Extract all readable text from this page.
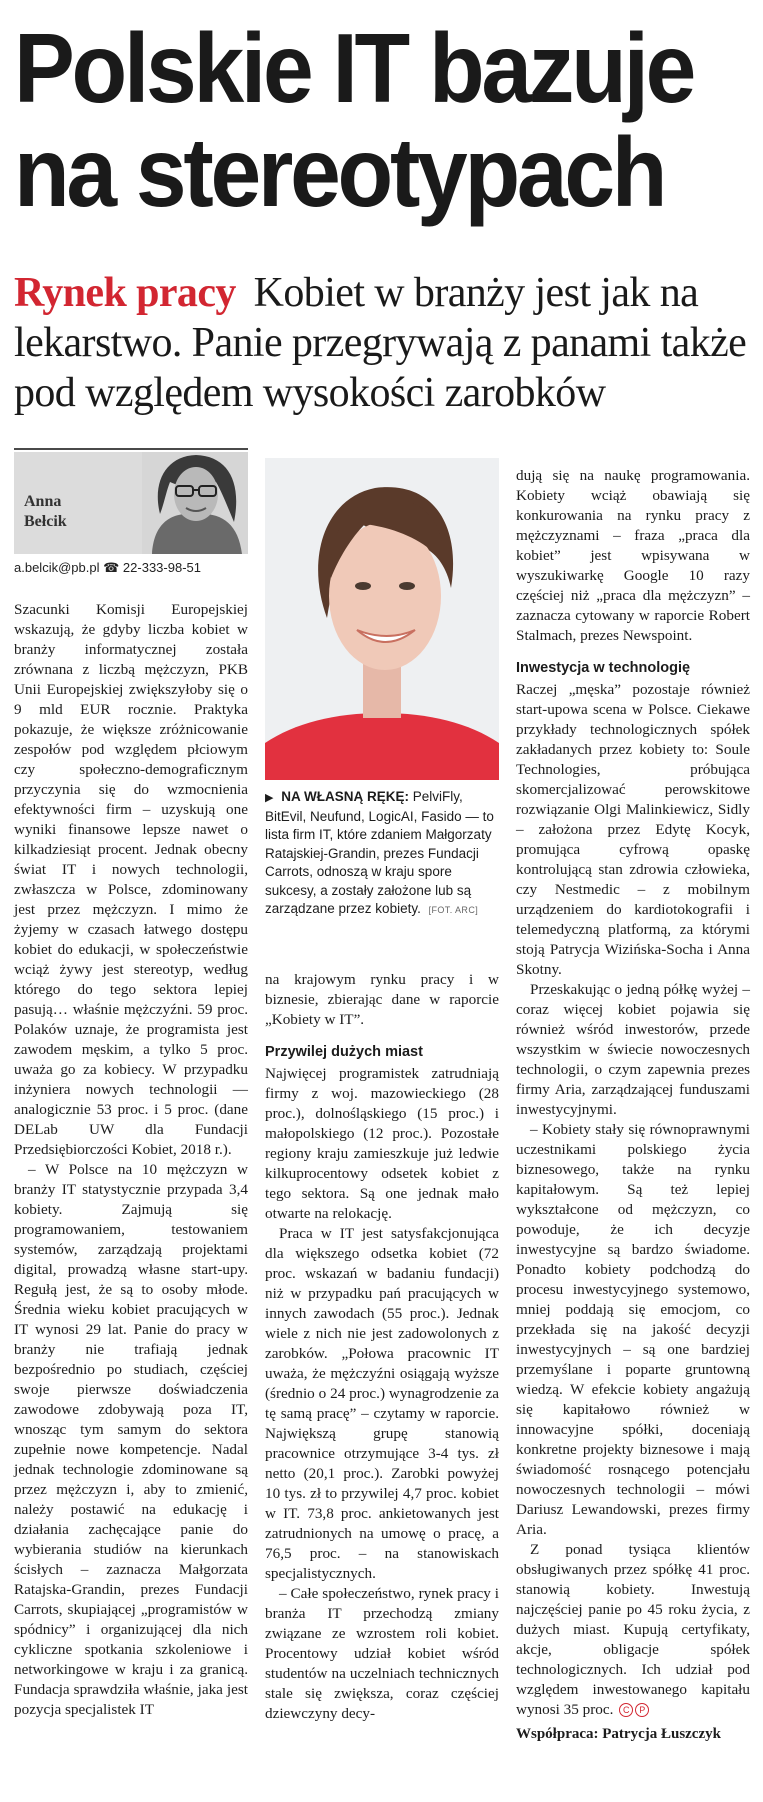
Polskie IT bazuje
na stereotypach

Rynek pracy Kobiet w branży jest jak na lekarstwo. Panie przegrywają z panami także pod względem wysokości zarobków

Anna
Bełcik
a.belcik@pb.pl ☎ 22-333-98-51

Szacunki Komisji Europejskiej wskazują, że gdyby liczba kobiet w branży informatycznej została zrównana z liczbą mężczyzn, PKB Unii Europejskiej zwiększyłoby się o 9 mld EUR rocznie. Praktyka pokazuje, że większe zróżnicowanie zespołów pod względem płciowym czy społeczno-demograficznym przyczynia się do wzmocnienia efektywności firm – uzyskują one wyniki finansowe lepsze nawet o kilkadziesiąt procent. Jednak obecny świat IT i nowych technologii, zwłaszcza w Polsce, zdominowany jest przez mężczyzn. I mimo że żyjemy w czasach łatwego dostępu kobiet do edukacji, w społeczeństwie wciąż żywy jest stereotyp, według którego do tego sektora lepiej pasują… właśnie mężczyźni. 59 proc. Polaków uznaje, że programista jest zawodem męskim, a tylko 5 proc. uważa go za kobiecy. W przypadku inżyniera nowych technologii — analogicznie 53 proc. i 5 proc. (dane DELab UW dla Fundacji Przedsiębiorczości Kobiet, 2018 r.).

– W Polsce na 10 mężczyzn w branży IT statystycznie przypada 3,4 kobiety. Zajmują się programowaniem, testowaniem systemów, zarządzają projektami digital, prowadzą własne start-upy. Regułą jest, że są to osoby młode. Średnia wieku kobiet pracujących w IT wynosi 29 lat. Panie do pracy w branży nie trafiają jednak bezpośrednio po studiach, częściej swoje pierwsze doświadczenia zawodowe zdobywają poza IT, wnosząc tym samym do sektora zupełnie nowe kompetencje. Nadal jednak technologie zdominowane są przez mężczyzn i, aby to zmienić, należy postawić na edukację i działania zachęcające panie do wybierania studiów na kierunkach ścisłych – zaznacza Małgorzata Ratajska-Grandin, prezes Fundacji Carrots, skupiającej „programistów w spódnicy” i organizującej dla nich cykliczne spotkania szkoleniowe i networkingowe w kraju i za granicą. Fundacja sprawdziła właśnie, jaka jest pozycja specjalistek IT

▶ NA WŁASNĄ RĘKĘ: PelviFly, BitEvil, Neufund, LogicAI, Fasido — to lista firm IT, które zdaniem Małgorzaty Ratajskiej-Grandin, prezes Fundacji Carrots, odnoszą w kraju spore sukcesy, a zostały założone lub są zarządzane przez kobiety. [FOT. ARC]

na krajowym rynku pracy i w biznesie, zbierając dane w raporcie „Kobiety w IT”.

Przywilej dużych miast

Najwięcej programistek zatrudniają firmy z woj. mazowieckiego (28 proc.), dolnośląskiego (15 proc.) i małopolskiego (12 proc.). Pozostałe regiony kraju zamieszkuje już ledwie kilkuprocentowy odsetek kobiet z tego sektora. Są one jednak mało otwarte na relokację.

Praca w IT jest satysfakcjonująca dla większego odsetka kobiet (72 proc. wskazań w badaniu fundacji) niż w przypadku pań pracujących w innych zawodach (55 proc.). Jednak wiele z nich nie jest zadowolonych z zarobków. „Połowa pracownic IT uważa, że mężczyźni osiągają wyższe (średnio o 24 proc.) wynagrodzenie za tę samą pracę” – czytamy w raporcie. Największą grupę stanowią pracownice otrzymujące 3-4 tys. zł netto (20,1 proc.). Zarobki powyżej 10 tys. zł to przywilej 4,7 proc. kobiet w IT. 73,8 proc. ankietowanych jest zatrudnionych na umowę o pracę, a 76,5 proc. – na stanowiskach specjalistycznych.

– Całe społeczeństwo, rynek pracy i branża IT przechodzą zmiany związane ze wzrostem roli kobiet. Procentowy udział kobiet wśród studentów na uczelniach technicznych stale się zwiększa, coraz częściej dziewczyny decy-

dują się na naukę programowania. Kobiety wciąż obawiają się konkurowania na rynku pracy z mężczyznami – fraza „praca dla kobiet” jest wpisywana w wyszukiwarkę Google 10 razy częściej niż „praca dla mężczyzn” – zaznacza cytowany w raporcie Robert Stalmach, prezes Newspoint.

Inwestycja w technologię

Raczej „męska” pozostaje również start-upowa scena w Polsce. Ciekawe przykłady technologicznych spółek zakładanych przez kobiety to: Soule Technologies, próbująca skomercjalizować perowskitowe rozwiązanie Olgi Malinkiewicz, Sidly – założona przez Edytę Kocyk, promująca cyfrową opaskę kontrolującą stan zdrowia człowieka, czy Nestmedic – z mobilnym urządzeniem do kardiotokografii i telemedyczną platformą, za którymi stoją Patrycja Wizińska-Socha i Anna Skotny.

Przeskakując o jedną półkę wyżej – coraz więcej kobiet pojawia się również wśród inwestorów, przede wszystkim w świecie nowoczesnych technologii, o czym zapewnia prezes firmy Aria, zarządzającej funduszami inwestycyjnymi.

– Kobiety stały się równoprawnymi uczestnikami polskiego życia biznesowego, także na rynku kapitałowym. Są też lepiej wykształcone od mężczyzn, co powoduje, że ich decyzje inwestycyjne są bardzo świadome. Ponadto kobiety podchodzą do procesu inwestycyjnego systemowo, mniej poddają się emocjom, co przekłada się na jakość decyzji inwestycyjnych – są one bardziej przemyślane i poparte gruntowną wiedzą. W efekcie kobiety angażują się kapitałowo również w innowacyjne spółki, doceniają konkretne projekty biznesowe i mają świadomość rosnącego potencjału nowoczesnych technologii – mówi Dariusz Lewandowski, prezes firmy Aria.

Z ponad tysiąca klientów obsługiwanych przez spółkę 41 proc. stanowią kobiety. Inwestują najczęściej panie po 45 roku życia, z dużych miast. Kupują certyfikaty, akcje, obligacje spółek technologicznych. Ich udział pod względem inwestowanego kapitału wynosi 35 proc. C P

Współpraca: Patrycja Łuszczyk
